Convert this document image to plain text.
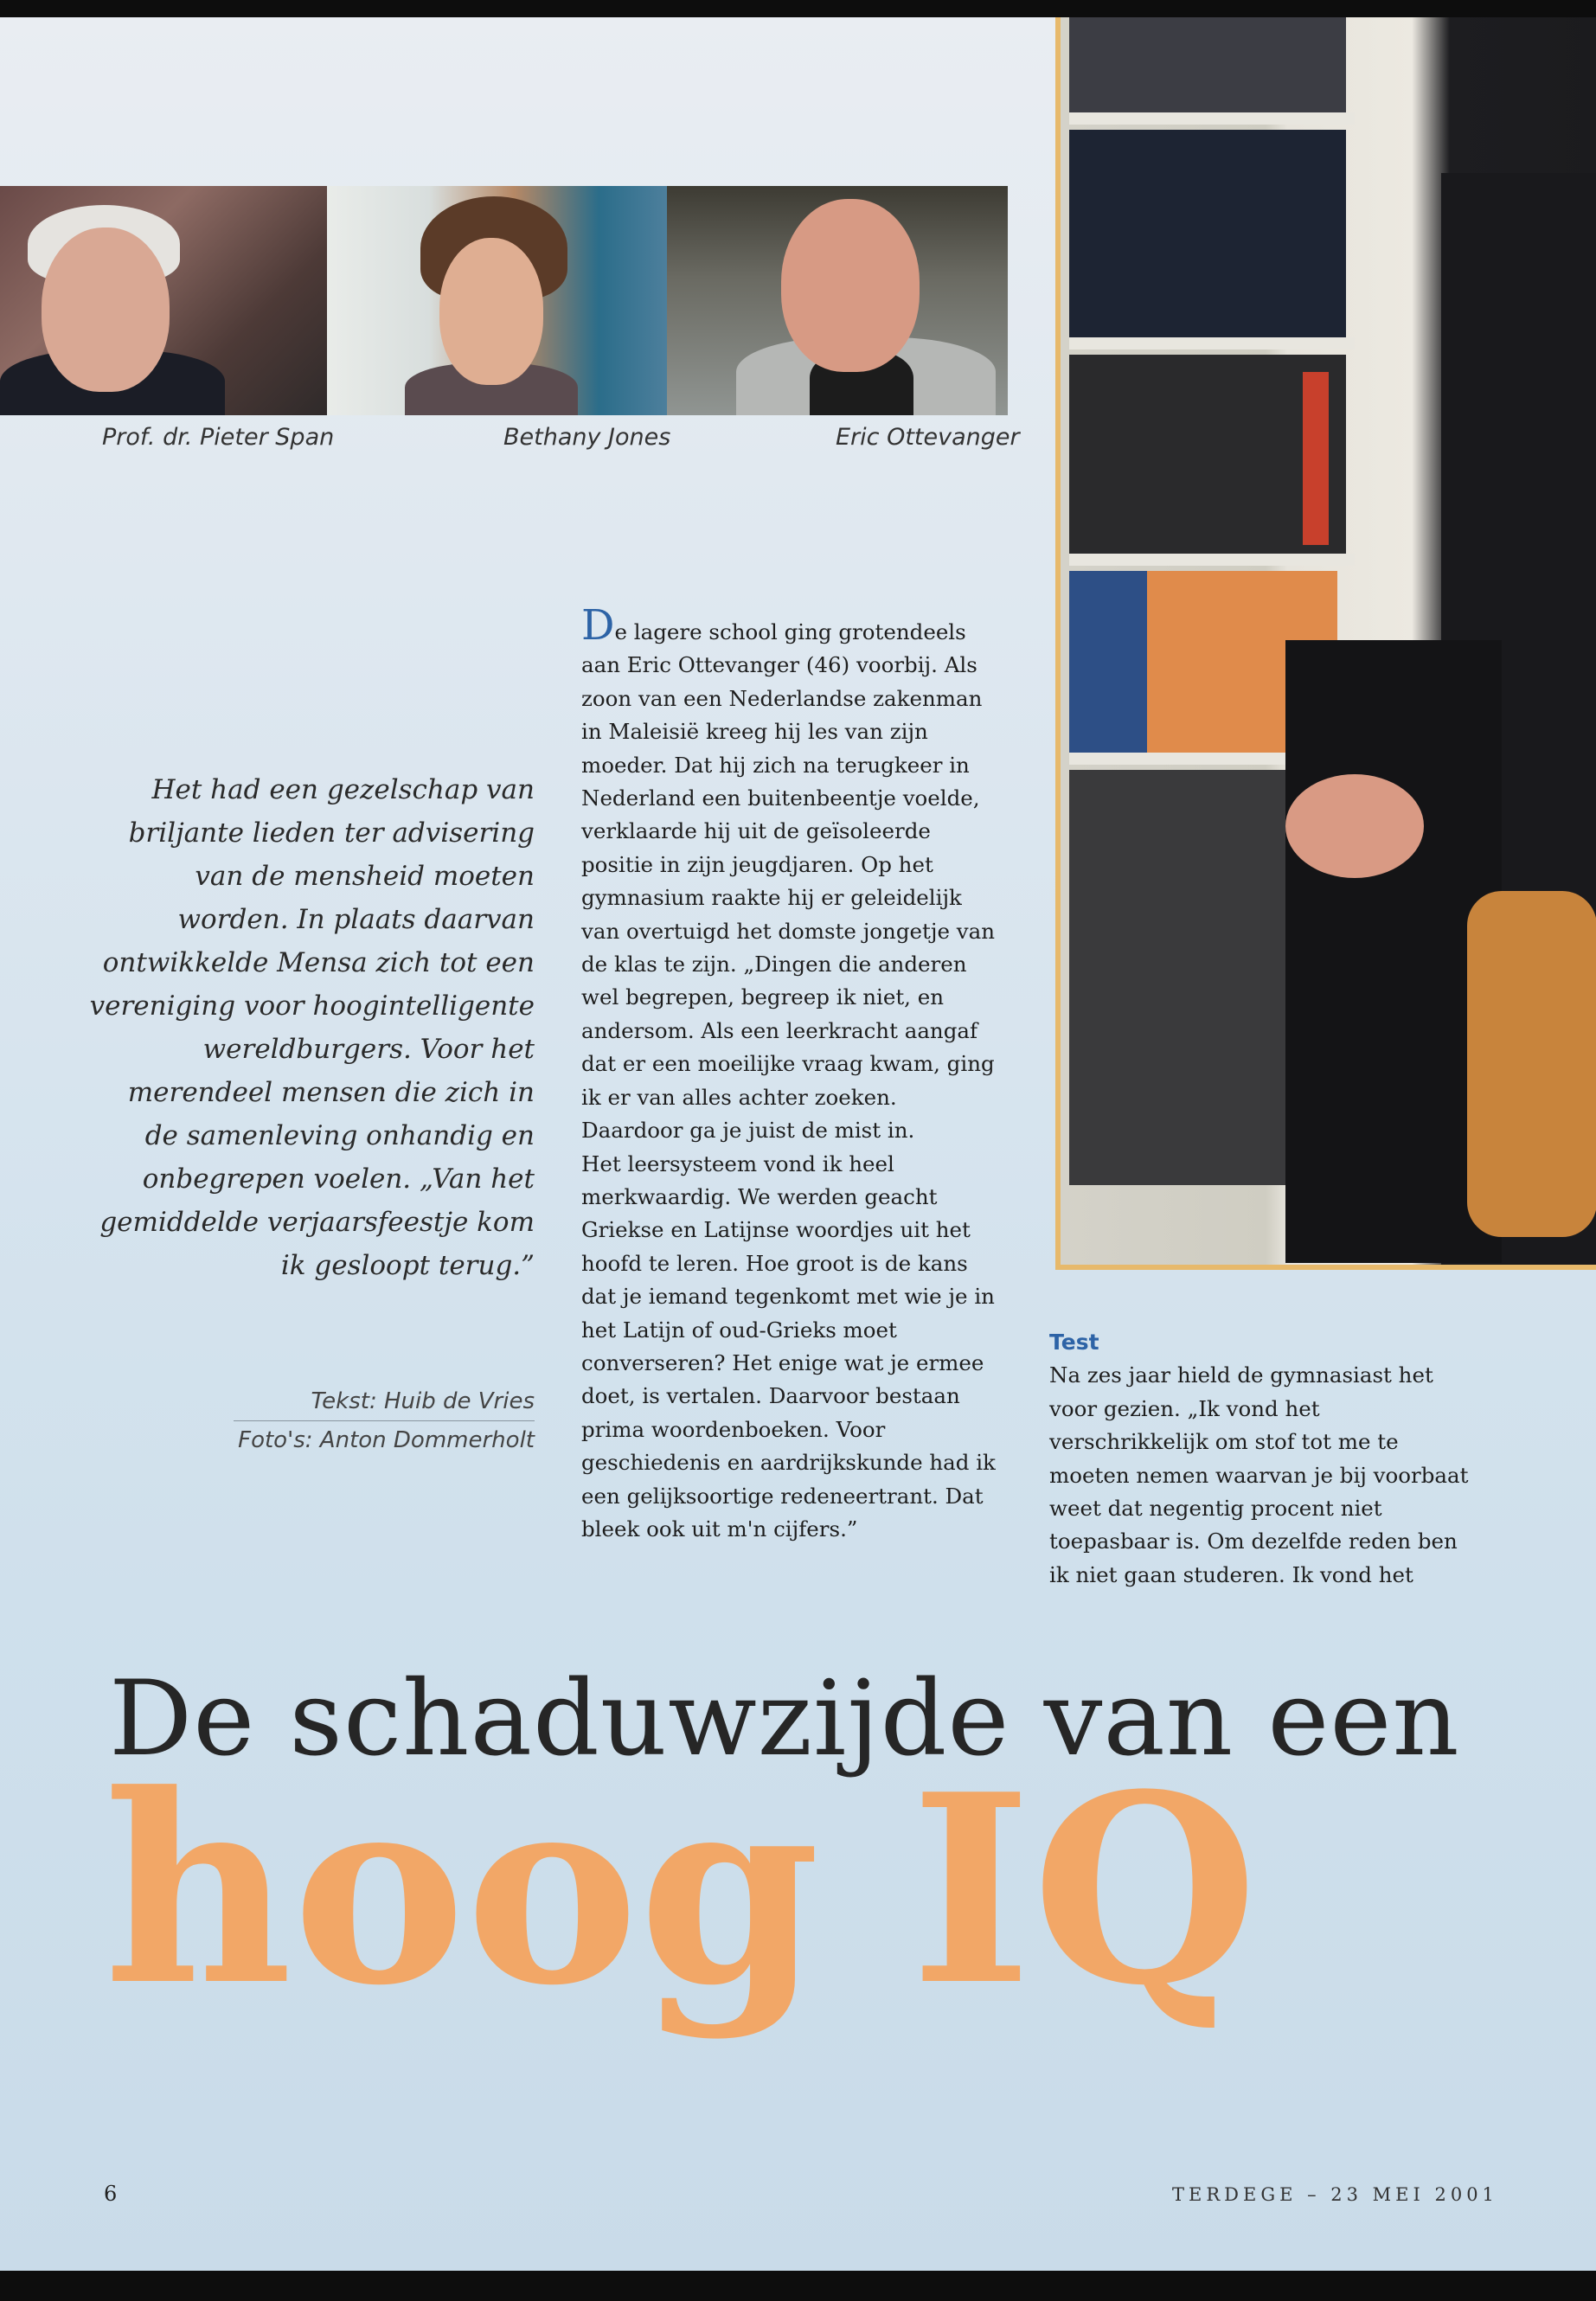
Prof. dr. Pieter Span	Bethany Jones	Eric Ottevanger
Het had een gezelschap van briljante lieden ter advisering van de mensheid moeten worden. In plaats daarvan ontwikkelde Mensa zich tot een vereniging voor hoogintelligente wereldburgers. Voor het merendeel mensen die zich in de samenleving onhandig en onbegrepen voelen. „Van het gemiddelde verjaarsfeestje kom ik gesloopt terug.”
Tekst: Huib de Vries
Foto's: Anton Dommerholt
De lagere school ging grotendeels aan Eric Ottevanger (46) voorbij. Als zoon van een Nederlandse zakenman in Maleisië kreeg hij les van zijn moeder. Dat hij zich na terugkeer in Nederland een buitenbeentje voelde, verklaarde hij uit de geïsoleerde positie in zijn jeugdjaren. Op het gymnasium raakte hij er geleidelijk van overtuigd het domste jongetje van de klas te zijn. „Dingen die anderen wel begrepen, begreep ik niet, en andersom. Als een leerkracht aangaf dat er een moeilijke vraag kwam, ging ik er van alles achter zoeken. Daardoor ga je juist de mist in.
Het leersysteem vond ik heel merkwaardig. We werden geacht Griekse en Latijnse woordjes uit het hoofd te leren. Hoe groot is de kans dat je iemand tegenkomt met wie je in het Latijn of oud-Grieks moet converseren? Het enige wat je ermee doet, is vertalen. Daarvoor bestaan prima woordenboeken. Voor geschiedenis en aardrijkskunde had ik een gelijksoortige redeneertrant. Dat bleek ook uit m'n cijfers.”
Test
Na zes jaar hield de gymnasiast het voor gezien. „Ik vond het verschrikkelijk om stof tot me te moeten nemen waarvan je bij voorbaat weet dat negentig procent niet toepasbaar is. Om dezelfde reden ben ik niet gaan studeren. Ik vond het
De schaduwzijde van een
hoog IQ
6	TERDEGE – 23 MEI 2001
